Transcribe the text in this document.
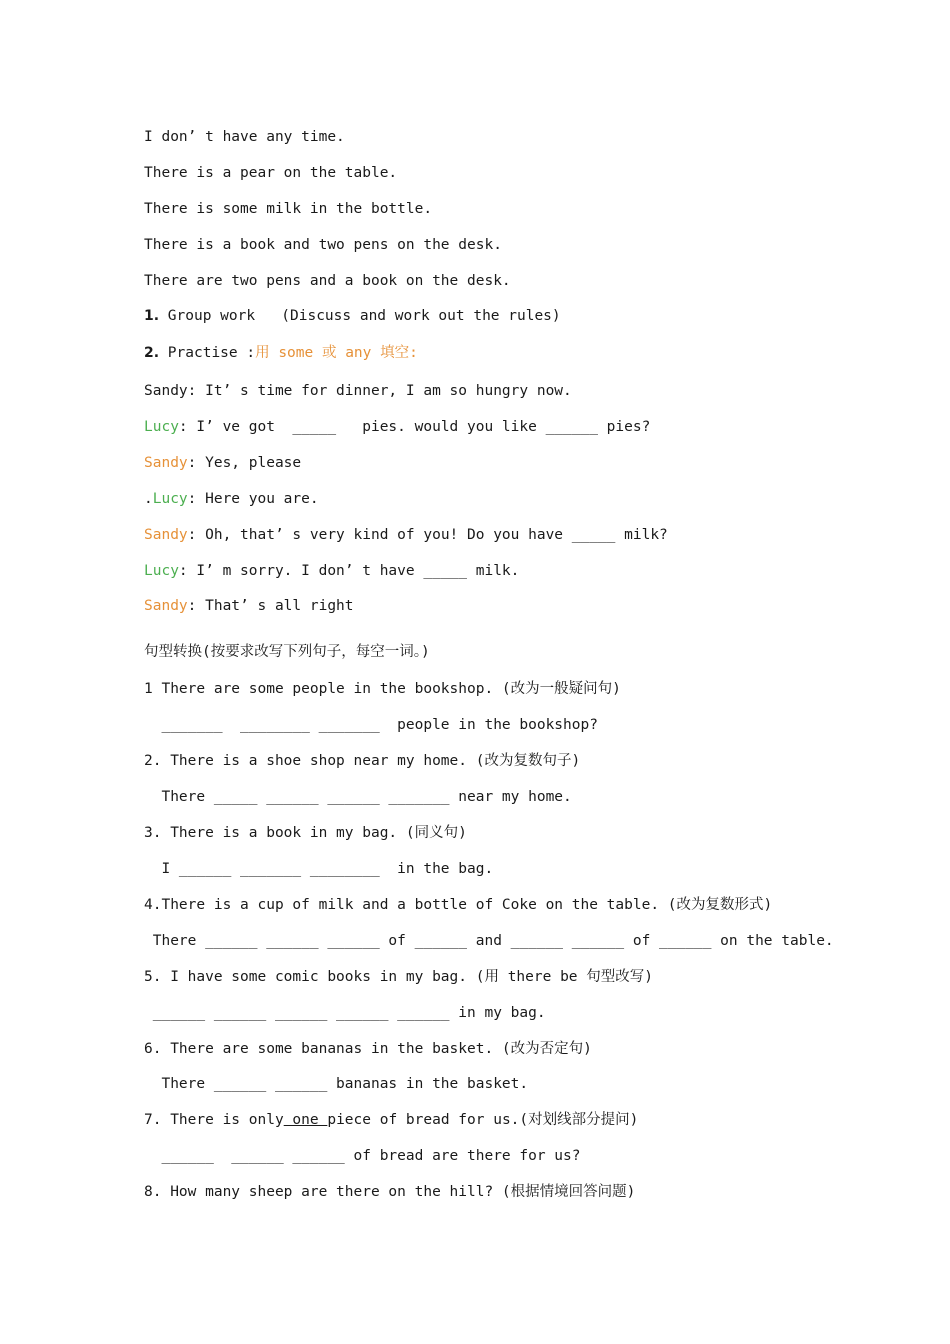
I don’ t have any time.
There is a pear on the table.
There is some milk in the bottle.
There is a book and two pens on the desk.
There are two pens and a book on the desk.
1. Group work   (Discuss and work out the rules)
2. Practise :用 some 或 any 填空:
Sandy: It’ s time for dinner, I am so hungry now.
Lucy: I’ ve got  _____   pies. would you like ______ pies?
Sandy: Yes, please
.Lucy: Here you are.
Sandy: Oh, that’ s very kind of you! Do you have _____ milk?
Lucy: I’ m sorry. I don’ t have _____ milk.
Sandy: That’ s all right
句型转换(按要求改写下列句子，每空一词。)
1 There are some people in the bookshop. (改为一般疑问句)
_______  ________ _______  people in the bookshop?
2. There is a shoe shop near my home. (改为复数句子)
There _____ ______ ______ _______ near my home.
3. There is a book in my bag. (同义句)
I ______ _______ ________  in the bag.
4.There is a cup of milk and a bottle of Coke on the table. (改为复数形式)
There ______ ______ ______ of ______ and ______ ______ of ______ on the table.
5. I have some comic books in my bag. (用 there be 句型改写)
______ ______ ______ ______ ______ in my bag.
6. There are some bananas in the basket. (改为否定句)
There ______ ______ bananas in the basket.
7. There is only one piece of bread for us.(对划线部分提问)
______  ______ ______ of bread are there for us?
8. How many sheep are there on the hill? (根据情境回答问题)
